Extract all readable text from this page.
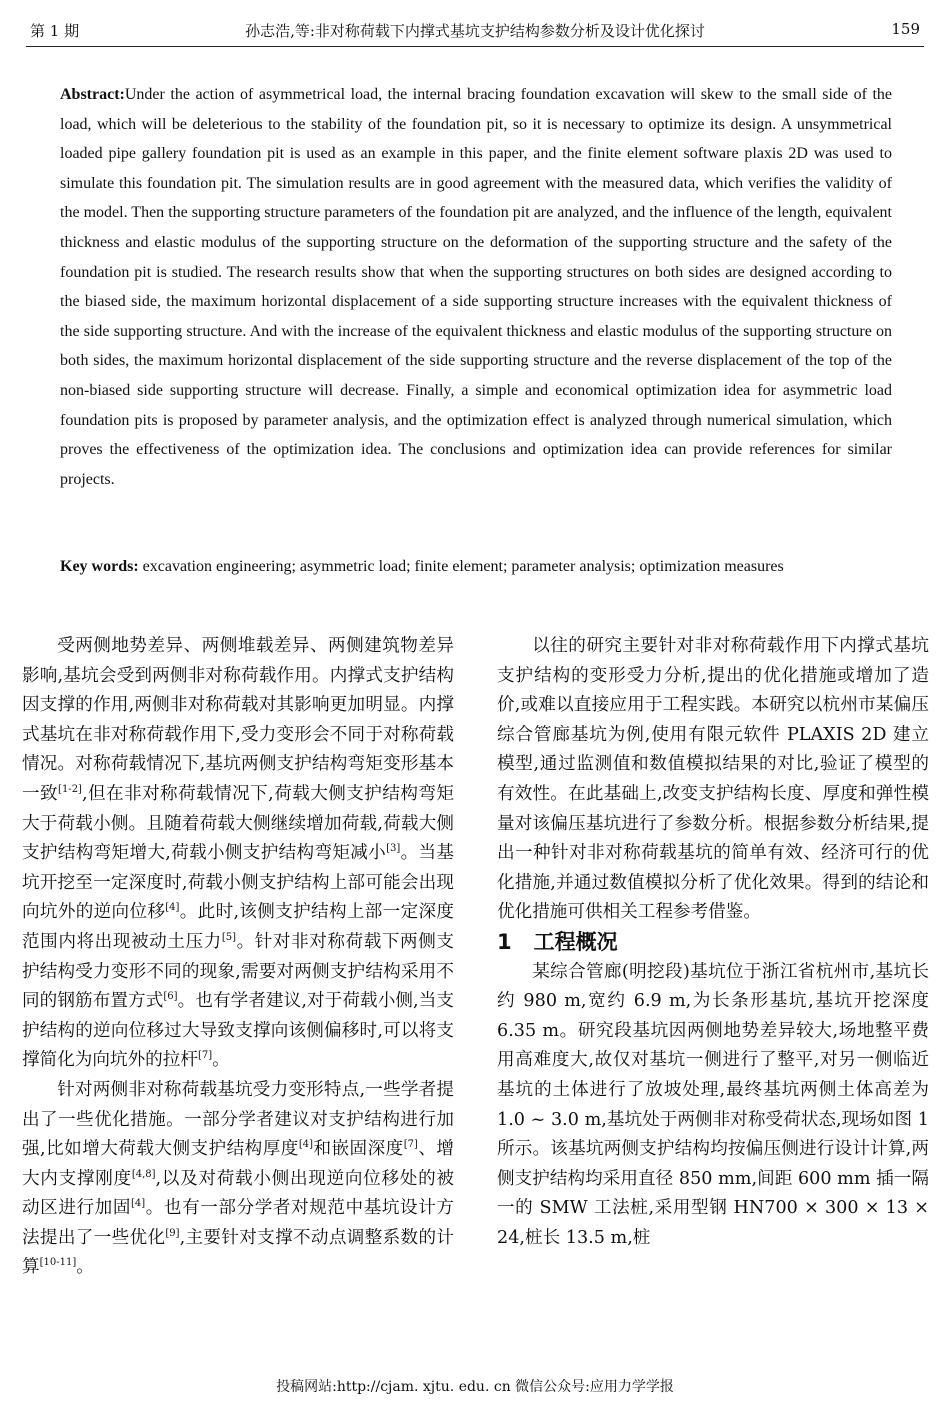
第 1 期	孙志浩,等:非对称荷载下内撑式基坑支护结构参数分析及设计优化探讨	159
Abstract:Under the action of asymmetrical load, the internal bracing foundation excavation will skew to the small side of the load, which will be deleterious to the stability of the foundation pit, so it is necessary to optimize its design. A unsymmetrical loaded pipe gallery foundation pit is used as an example in this paper, and the finite element software plaxis 2D was used to simulate this foundation pit. The simulation results are in good agreement with the measured data, which verifies the validity of the model. Then the supporting structure parameters of the foundation pit are analyzed, and the influence of the length, equivalent thickness and elastic modulus of the supporting structure on the deformation of the supporting structure and the safety of the foundation pit is studied. The research results show that when the supporting structures on both sides are designed according to the biased side, the maximum horizontal displacement of a side supporting structure increases with the equivalent thickness of the side supporting structure. And with the increase of the equivalent thickness and elastic modulus of the supporting structure on both sides, the maximum horizontal displacement of the side supporting structure and the reverse displacement of the top of the non-biased side supporting structure will decrease. Finally, a simple and economical optimization idea for asymmetric load foundation pits is proposed by parameter analysis, and the optimization effect is analyzed through numerical simulation, which proves the effectiveness of the optimization idea. The conclusions and optimization idea can provide references for similar projects.
Key words: excavation engineering; asymmetric load; finite element; parameter analysis; optimization measures

受两侧地势差异、两侧堆载差异、两侧建筑物差异影响,基坑会受到两侧非对称荷载作用。内撑式支护结构因支撑的作用,两侧非对称荷载对其影响更加明显。内撑式基坑在非对称荷载作用下,受力变形会不同于对称荷载情况。对称荷载情况下,基坑两侧支护结构弯矩变形基本一致[1-2],但在非对称荷载情况下,荷载大侧支护结构弯矩大于荷载小侧。且随着荷载大侧继续增加荷载,荷载大侧支护结构弯矩增大,荷载小侧支护结构弯矩减小[3]。当基坑开挖至一定深度时,荷载小侧支护结构上部可能会出现向坑外的逆向位移[4]。此时,该侧支护结构上部一定深度范围内将出现被动土压力[5]。针对非对称荷载下两侧支护结构受力变形不同的现象,需要对两侧支护结构采用不同的钢筋布置方式[6]。也有学者建议,对于荷载小侧,当支护结构的逆向位移过大导致支撑向该侧偏移时,可以将支撑简化为向坑外的拉杆[7]。

针对两侧非对称荷载基坑受力变形特点,一些学者提出了一些优化措施。一部分学者建议对支护结构进行加强,比如增大荷载大侧支护结构厚度[4]和嵌固深度[7]、增大内支撑刚度[4,8],以及对荷载小侧出现逆向位移处的被动区进行加固[4]。也有一部分学者对规范中基坑设计方法提出了一些优化[9],主要针对支撑不动点调整系数的计算[10-11]。

以往的研究主要针对非对称荷载作用下内撑式基坑支护结构的变形受力分析,提出的优化措施或增加了造价,或难以直接应用于工程实践。本研究以杭州市某偏压综合管廊基坑为例,使用有限元软件 PLAXIS 2D 建立模型,通过监测值和数值模拟结果的对比,验证了模型的有效性。在此基础上,改变支护结构长度、厚度和弹性模量对该偏压基坑进行了参数分析。根据参数分析结果,提出一种针对非对称荷载基坑的简单有效、经济可行的优化措施,并通过数值模拟分析了优化效果。得到的结论和优化措施可供相关工程参考借鉴。

1 工程概况

某综合管廊(明挖段)基坑位于浙江省杭州市,基坑长约 980 m,宽约 6.9 m,为长条形基坑,基坑开挖深度 6.35 m。研究段基坑因两侧地势差异较大,场地整平费用高难度大,故仅对基坑一侧进行了整平,对另一侧临近基坑的土体进行了放坡处理,最终基坑两侧土体高差为 1.0 ~ 3.0 m,基坑处于两侧非对称受荷状态,现场如图 1 所示。该基坑两侧支护结构均按偏压侧进行设计计算,两侧支护结构均采用直径 850 mm,间距 600 mm 插一隔一的 SMW 工法桩,采用型钢 HN700 × 300 × 13 × 24,桩长 13.5 m,桩

投稿网站:http://cjam. xjtu. edu. cn 微信公众号:应用力学学报
